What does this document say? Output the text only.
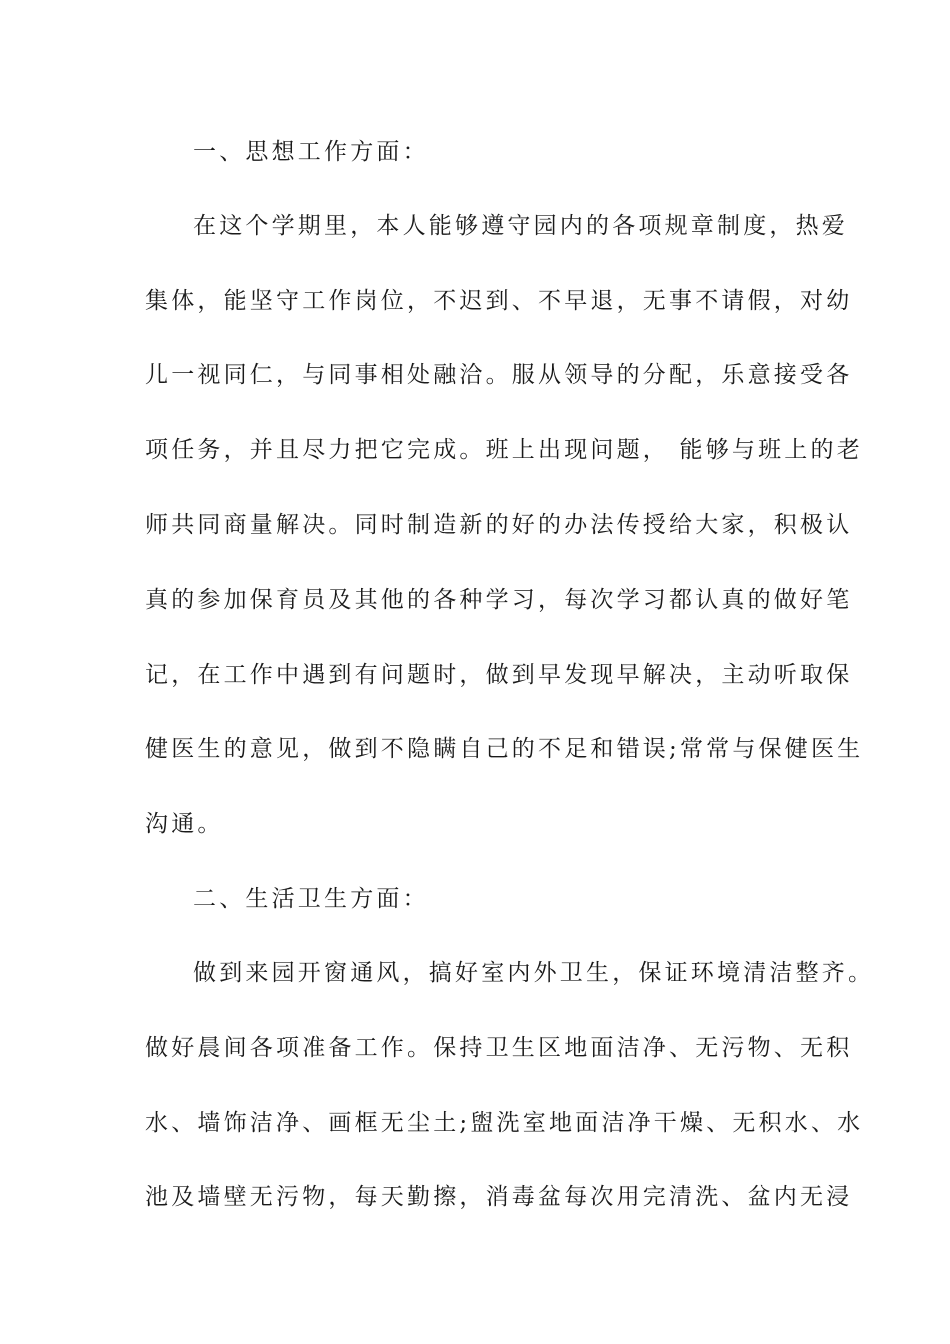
一、思想工作方面：
在这个学期里，本人能够遵守园内的各项规章制度，热爱
集体，能坚守工作岗位，不迟到、不早退，无事不请假，对幼
儿一视同仁，与同事相处融洽。服从领导的分配，乐意接受各
项任务，并且尽力把它完成。班上出现问题， 能够与班上的老
师共同商量解决。同时制造新的好的办法传授给大家，积极认
真的参加保育员及其他的各种学习，每次学习都认真的做好笔
记，在工作中遇到有问题时，做到早发现早解决，主动听取保
健医生的意见，做到不隐瞒自己的不足和错误;常常与保健医生
沟通。
二、生活卫生方面：
做到来园开窗通风，搞好室内外卫生，保证环境清洁整齐。
做好晨间各项准备工作。保持卫生区地面洁净、无污物、无积
水、墙饰洁净、画框无尘土;盥洗室地面洁净干燥、无积水、水
池及墙壁无污物，每天勤擦，消毒盆每次用完清洗、盆内无浸
